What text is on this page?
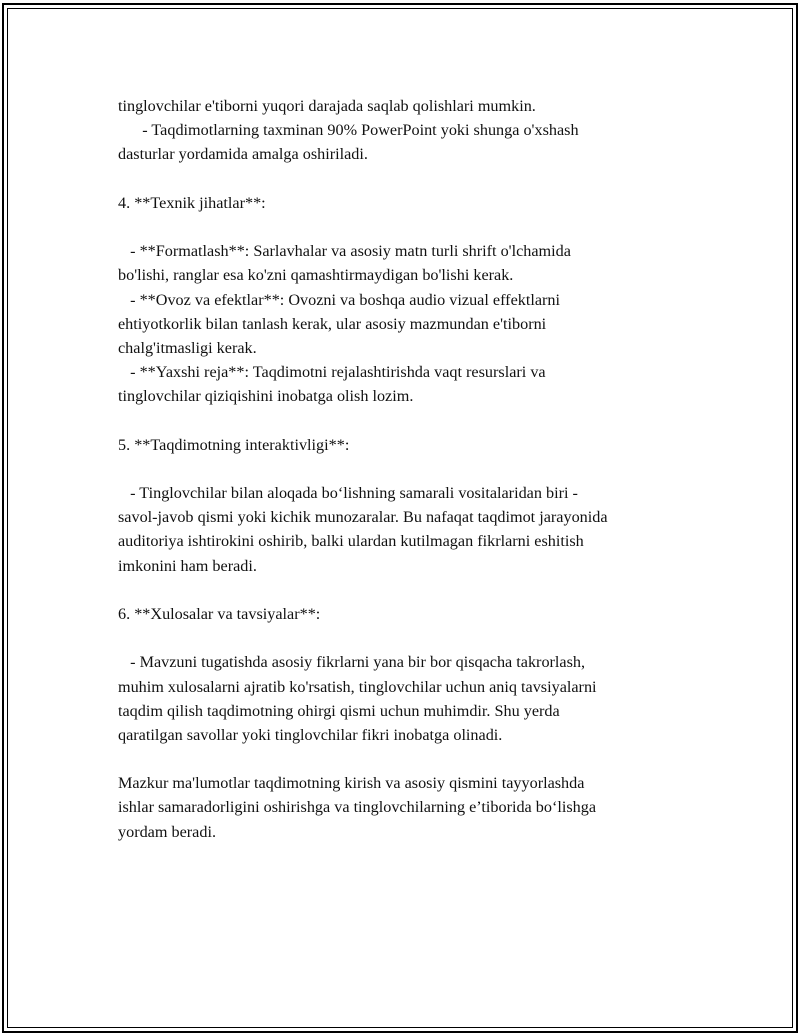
tinglovchilar e'tiborni yuqori darajada saqlab qolishlari mumkin.
- Taqdimotlarning taxminan 90% PowerPoint yoki shunga o'xshash
dasturlar yordamida amalga oshiriladi.
4. **Texnik jihatlar**:
- **Formatlash**: Sarlavhalar va asosiy matn turli shrift o'lchamida
bo'lishi, ranglar esa ko'zni qamashtirmaydigan bo'lishi kerak.
- **Ovoz va efektlar**: Ovozni va boshqa audio vizual effektlarni
ehtiyotkorlik bilan tanlash kerak, ular asosiy mazmundan e'tiborni
chalg'itmasligi kerak.
- **Yaxshi reja**: Taqdimotni rejalashtirishda vaqt resurslari va
tinglovchilar qiziqishini inobatga olish lozim.
5. **Taqdimotning interaktivligi**:
- Tinglovchilar bilan aloqada bo‘lishning samarali vositalaridan biri -
savol-javob qismi yoki kichik munozaralar. Bu nafaqat taqdimot jarayonida
auditoriya ishtirokini oshirib, balki ulardan kutilmagan fikrlarni eshitish
imkonini ham beradi.
6. **Xulosalar va tavsiyalar**:
- Mavzuni tugatishda asosiy fikrlarni yana bir bor qisqacha takrorlash,
muhim xulosalarni ajratib ko'rsatish, tinglovchilar uchun aniq tavsiyalarni
taqdim qilish taqdimotning ohirgi qismi uchun muhimdir. Shu yerda
qaratilgan savollar yoki tinglovchilar fikri inobatga olinadi.
Mazkur ma'lumotlar taqdimotning kirish va asosiy qismini tayyorlashda
ishlar samaradorligini oshirishga va tinglovchilarning e’tiborida bo‘lishga
yordam beradi.
